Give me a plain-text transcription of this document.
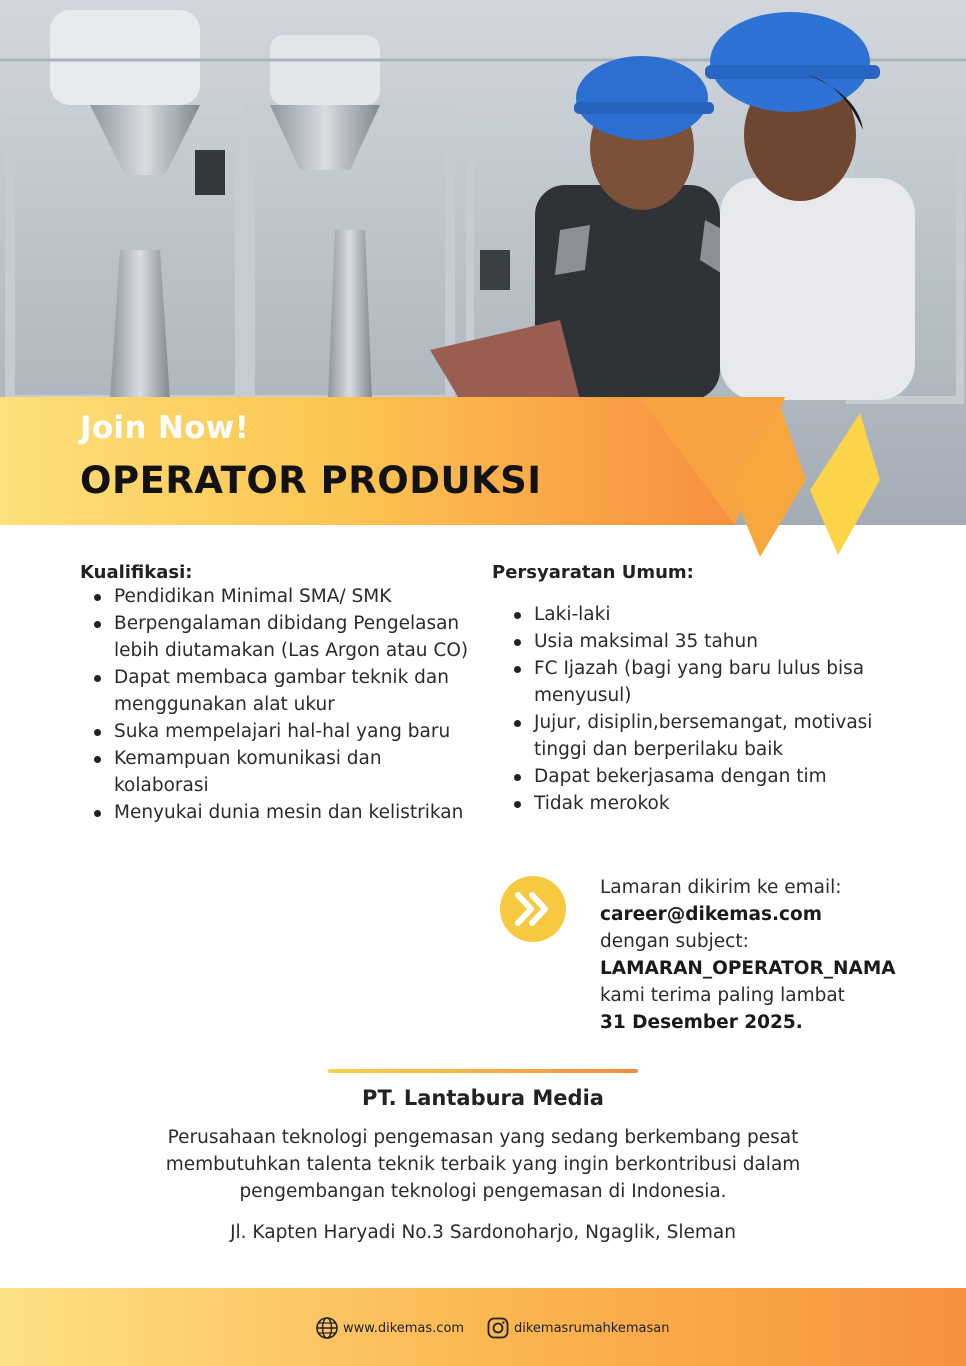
Join Now!
OPERATOR PRODUKSI
Kualifikasi:
Pendidikan Minimal SMA/ SMK
Berpengalaman dibidang Pengelasan lebih diutamakan (Las Argon atau CO)
Dapat membaca gambar teknik dan menggunakan alat ukur
Suka mempelajari hal-hal yang baru
Kemampuan komunikasi dan kolaborasi
Menyukai dunia mesin dan kelistrikan
Persyaratan Umum:
Laki-laki
Usia maksimal 35 tahun
FC Ijazah (bagi yang baru lulus bisa menyusul)
Jujur, disiplin,bersemangat, motivasi tinggi dan berperilaku baik
Dapat bekerjasama dengan tim
Tidak merokok
Lamaran dikirim ke email:
career@dikemas.com
dengan subject:
LAMARAN_OPERATOR_NAMA
kami terima paling lambat
31 Desember 2025.
PT. Lantabura Media
Perusahaan teknologi pengemasan yang sedang berkembang pesat membutuhkan talenta teknik terbaik yang ingin berkontribusi dalam pengembangan teknologi pengemasan di Indonesia.
Jl. Kapten Haryadi No.3 Sardonoharjo, Ngaglik, Sleman
www.dikemas.com	dikemasrumahkemasan
